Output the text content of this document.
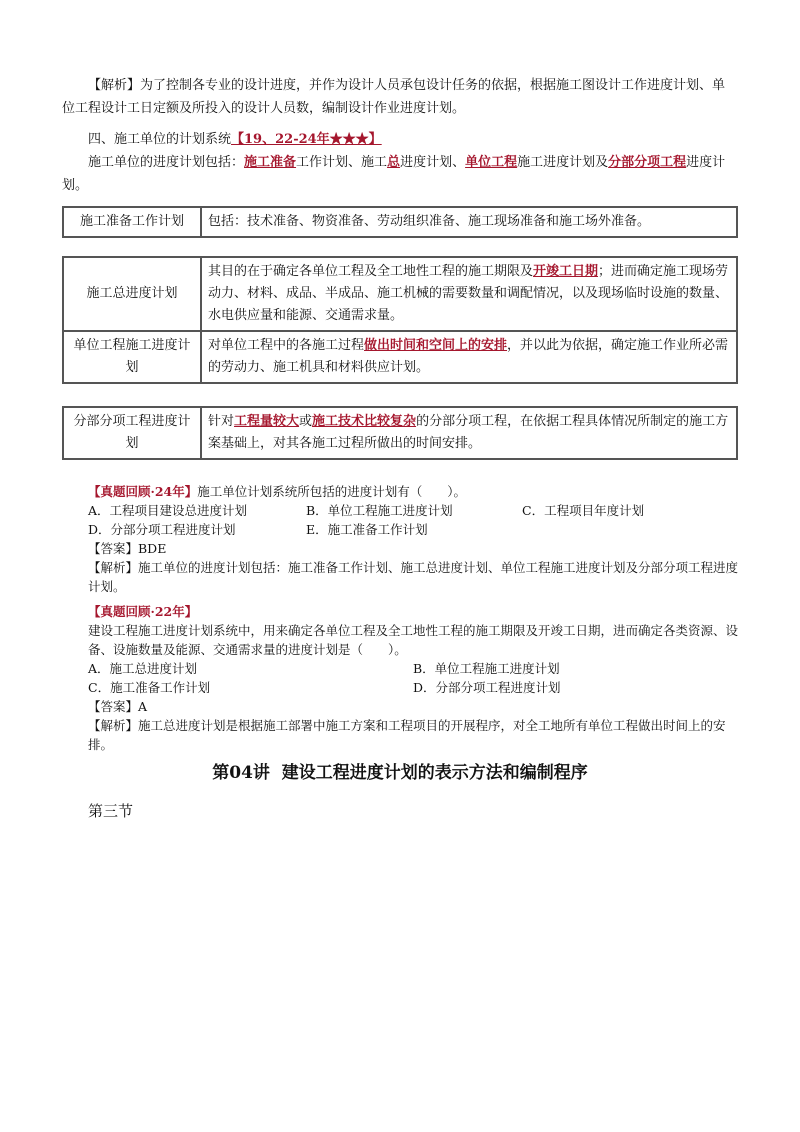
【解析】为了控制各专业的设计进度，并作为设计人员承包设计任务的依据，根据施工图设计工作进度计划、单位工程设计工日定额及所投入的设计人员数，编制设计作业进度计划。
四、施工单位的计划系统【19、22-24年★★★】
施工单位的进度计划包括：施工准备工作计划、施工总进度计划、单位工程施工进度计划及分部分项工程进度计划。
施工准备工作计划	包括：技术准备、物资准备、劳动组织准备、施工现场准备和施工场外准备。
施工总进度计划	其目的在于确定各单位工程及全工地性工程的施工期限及开竣工日期；进而确定施工现场劳动力、材料、成品、半成品、施工机械的需要数量和调配情况，以及现场临时设施的数量、水电供应量和能源、交通需求量。
单位工程施工进度计划	对单位工程中的各施工过程做出时间和空间上的安排，并以此为依据，确定施工作业所必需的劳动力、施工机具和材料供应计划。
分部分项工程进度计划	针对工程量较大或施工技术比较复杂的分部分项工程，在依据工程具体情况所制定的施工方案基础上，对其各施工过程所做出的时间安排。
【真题回顾·24年】施工单位计划系统所包括的进度计划有（　　）。
A．工程项目建设总进度计划	B．单位工程施工进度计划	C．工程项目年度计划
D．分部分项工程进度计划	E．施工准备工作计划
【答案】BDE
【解析】施工单位的进度计划包括：施工准备工作计划、施工总进度计划、单位工程施工进度计划及分部分项工程进度计划。
【真题回顾·22年】建设工程施工进度计划系统中，用来确定各单位工程及全工地性工程的施工期限及开竣工日期，进而确定各类资源、设备、设施数量及能源、交通需求量的进度计划是（　　）。
A．施工总进度计划	B．单位工程施工进度计划
C．施工准备工作计划	D．分部分项工程进度计划
【答案】A
【解析】施工总进度计划是根据施工部署中施工方案和工程项目的开展程序，对全工地所有单位工程做出时间上的安排。
第04讲  建设工程进度计划的表示方法和编制程序
第三节
